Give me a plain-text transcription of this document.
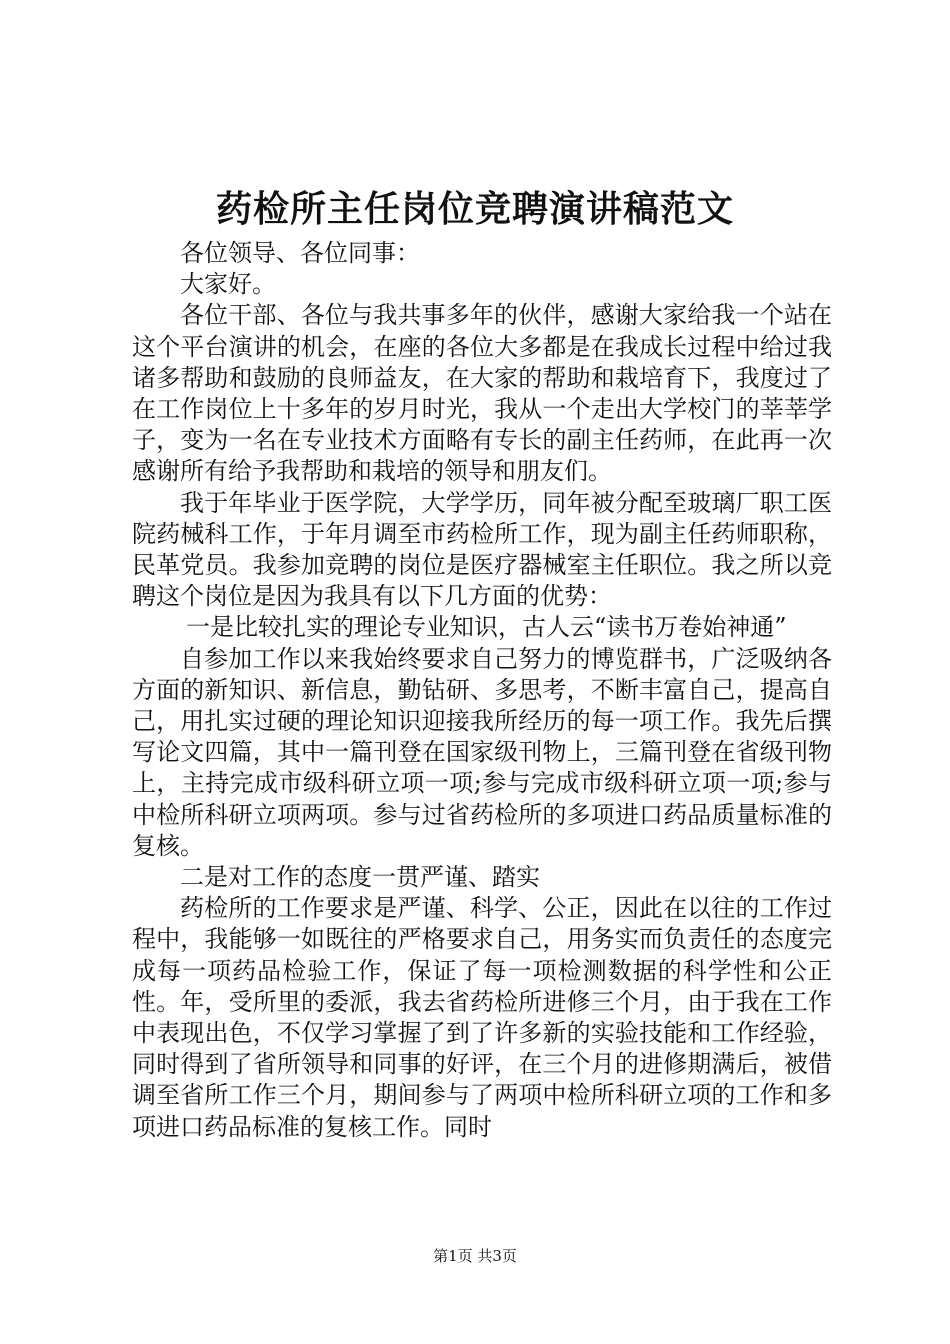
药检所主任岗位竞聘演讲稿范文

各位领导、各位同事：

大家好。

各位干部、各位与我共事多年的伙伴，感谢大家给我一个站在这个平台演讲的机会，在座的各位大多都是在我成长过程中给过我诸多帮助和鼓励的良师益友，在大家的帮助和栽培育下，我度过了在工作岗位上十多年的岁月时光，我从一个走出大学校门的莘莘学子，变为一名在专业技术方面略有专长的副主任药师，在此再一次感谢所有给予我帮助和栽培的领导和朋友们。

我于年毕业于医学院，大学学历，同年被分配至玻璃厂职工医院药械科工作，于年月调至市药检所工作，现为副主任药师职称，民革党员。我参加竞聘的岗位是医疗器械室主任职位。我之所以竞聘这个岗位是因为我具有以下几方面的优势：

一是比较扎实的理论专业知识，古人云“读书万卷始神通”

自参加工作以来我始终要求自己努力的博览群书，广泛吸纳各方面的新知识、新信息，勤钻研、多思考，不断丰富自己，提高自己，用扎实过硬的理论知识迎接我所经历的每一项工作。我先后撰写论文四篇，其中一篇刊登在国家级刊物上，三篇刊登在省级刊物上，主持完成市级科研立项一项;参与完成市级科研立项一项;参与中检所科研立项两项。参与过省药检所的多项进口药品质量标准的复核。

二是对工作的态度一贯严谨、踏实

药检所的工作要求是严谨、科学、公正，因此在以往的工作过程中，我能够一如既往的严格要求自己，用务实而负责任的态度完成每一项药品检验工作，保证了每一项检测数据的科学性和公正性。年，受所里的委派，我去省药检所进修三个月，由于我在工作中表现出色，不仅学习掌握了到了许多新的实验技能和工作经验，同时得到了省所领导和同事的好评，在三个月的进修期满后，被借调至省所工作三个月，期间参与了两项中检所科研立项的工作和多项进口药品标准的复核工作。同时

第1页 共3页
